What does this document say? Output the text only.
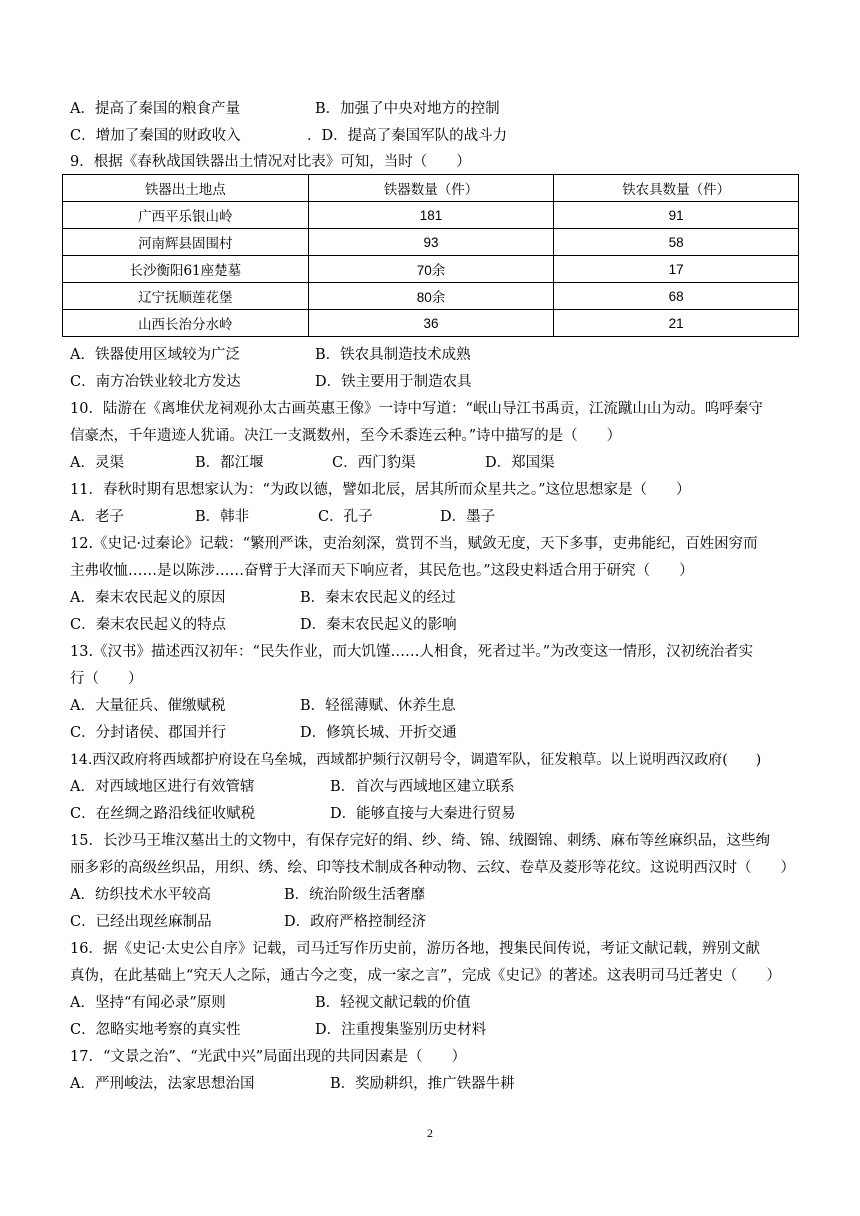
A．提高了秦国的粮食产量	B．加强了中央对地方的控制
C．增加了秦国的财政收入	．D．提高了秦国军队的战斗力
9．根据《春秋战国铁器出土情况对比表》可知，当时（　　）
铁器出土地点	铁器数量（件）	铁农具数量（件）
广西平乐银山岭	181	91
河南辉县固围村	93	58
长沙衡阳61座楚墓	70余	17
辽宁抚顺莲花堡	80余	68
山西长治分水岭	36	21
A．铁器使用区域较为广泛	B．铁农具制造技术成熟
C．南方冶铁业较北方发达	D．铁主要用于制造农具
10．陆游在《离堆伏龙祠观孙太古画英惠王像》一诗中写道：“岷山导江书禹贡，江流蹴山山为动。呜呼秦守
信豪杰，千年遗迹人犹诵。决江一支溉数州，至今禾黍连云种。”诗中描写的是（　　）
A．灵渠	B．都江堰	C．西门豹渠	D．郑国渠
11．春秋时期有思想家认为：“为政以德，譬如北辰，居其所而众星共之。”这位思想家是（　　）
A．老子	B．韩非	C．孔子	D．墨子
12.《史记·过秦论》记载：“繁刑严诛，吏治刻深，赏罚不当，赋敛无度，天下多事，吏弗能纪，百姓困穷而
主弗收恤……是以陈涉……奋臂于大泽而天下响应者，其民危也。”这段史料适合用于研究（　　）
A．秦末农民起义的原因	B．秦末农民起义的经过
C．秦末农民起义的特点	D．秦末农民起义的影响
13.《汉书》描述西汉初年：“民失作业，而大饥馑……人相食，死者过半。”为改变这一情形，汉初统治者实
行（　　）
A．大量征兵、催缴赋税	B．轻徭薄赋、休养生息
C．分封诸侯、郡国并行	D．修筑长城、开折交通
14.西汉政府将西域都护府设在乌垒城，西域都护频行汉朝号令，调遣军队，征发粮草。以上说明西汉政府(　　)
A．对西域地区进行有效管辖	B．首次与西域地区建立联系
C．在丝绸之路沿线征收赋税	D．能够直接与大秦进行贸易
15．长沙马王堆汉墓出土的文物中，有保存完好的绢、纱、绮、锦、绒圈锦、刺绣、麻布等丝麻织品，这些绚
丽多彩的高级丝织品，用织、绣、绘、印等技术制成各种动物、云纹、卷草及菱形等花纹。这说明西汉时（　　）
A．纺织技术水平较高	B．统治阶级生活奢靡
C．已经出现丝麻制品	D．政府严格控制经济
16．据《史记·太史公自序》记载，司马迁写作历史前，游历各地，搜集民间传说，考证文献记载，辨别文献
真伪，在此基础上“究天人之际，通古今之变，成一家之言”，完成《史记》的著述。这表明司马迁著史（　　）
A．坚持“有闻必录”原则	B．轻视文献记载的价值
C．忽略实地考察的真实性	D．注重搜集鉴别历史材料
17．“文景之治”、“光武中兴”局面出现的共同因素是（　　）
A．严刑峻法，法家思想治国	B．奖励耕织，推广铁器牛耕
2
